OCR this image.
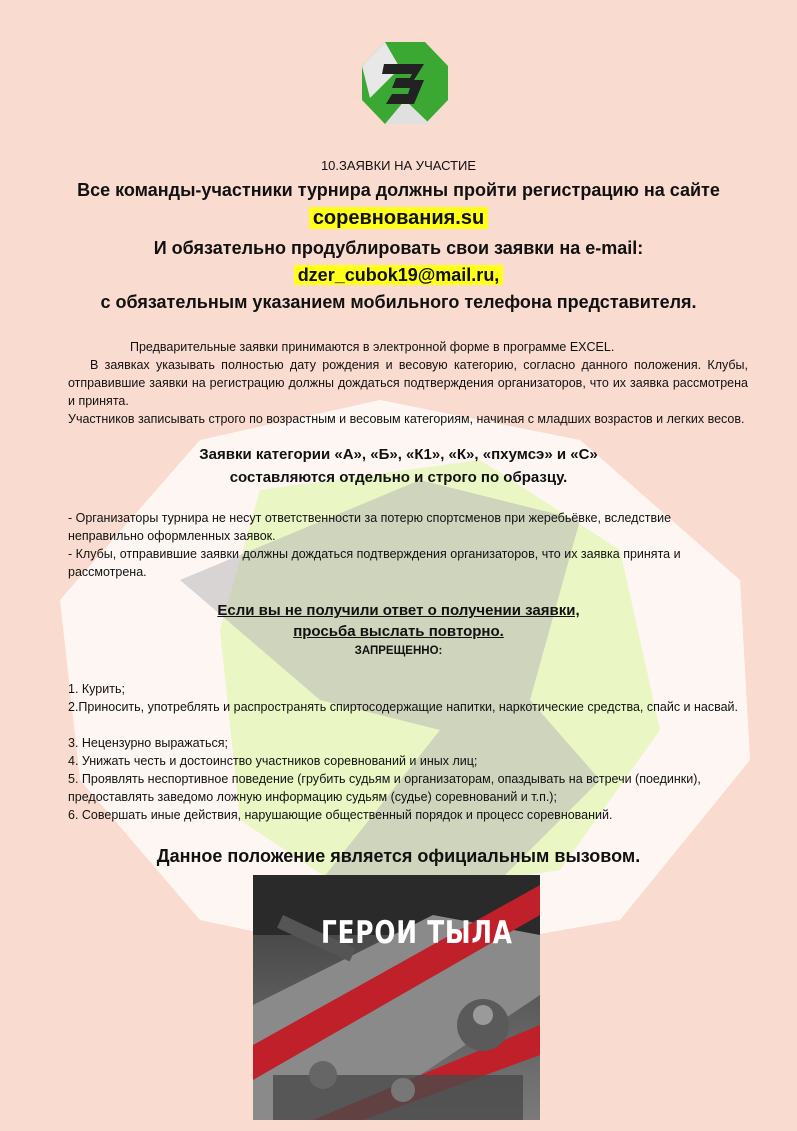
10.ЗАЯВКИ НА УЧАСТИЕ
Все команды-участники турнира должны пройти регистрацию на сайте
соревнования.su
И обязательно продублировать свои заявки на e-mail:
dzer_cubok19@mail.ru,
с обязательным указанием мобильного телефона представителя.
Предварительные заявки принимаются в электронной форме в программе EXCEL.
В заявках указывать полностью дату рождения и весовую категорию, согласно данного положения. Клубы, отправившие заявки на регистрацию должны дождаться подтверждения организаторов, что их заявка рассмотрена и принята.
Участников записывать строго по возрастным и весовым категориям, начиная с младших возрастов и легких весов.
Заявки категории «А», «Б», «К1», «К», «пхумсэ» и «С»
составляются отдельно и строго по образцу.
- Организаторы турнира не несут ответственности за потерю спортсменов при жеребьёвке, вследствие неправильно оформленных заявок.
- Клубы, отправившие заявки должны дождаться подтверждения организаторов, что их заявка принята и рассмотрена.
Если вы не получили ответ о получении заявки,
просьба выслать повторно.
ЗАПРЕЩЕННО:
1. Курить;
2.Приносить, употреблять и распространять спиртосодержащие напитки, наркотические средства, спайс и насвай.
3. Нецензурно выражаться;
4. Унижать честь и достоинство участников соревнований и иных лиц;
5. Проявлять неспортивное поведение (грубить судьям и организаторам, опаздывать на встречи (поединки), предоставлять заведомо ложную информацию судьям (судье) соревнований и т.п.);
6. Совершать иные действия, нарушающие общественный порядок и процесс соревнований.
Данное положение является официальным вызовом.
ГЕРОИ ТЫЛА
